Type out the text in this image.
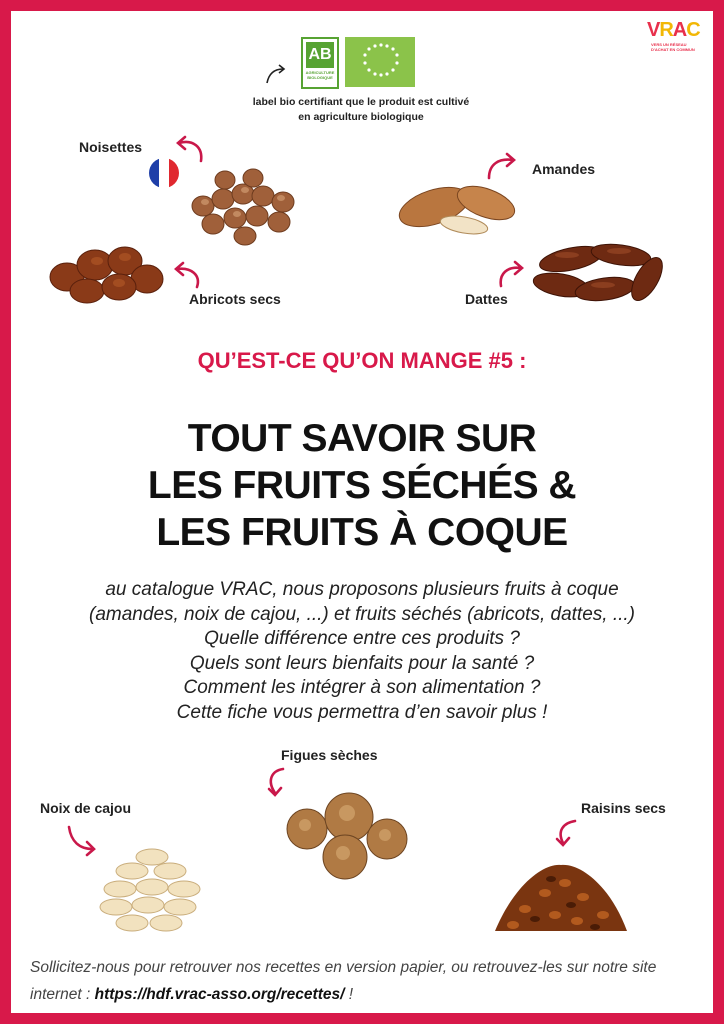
VRAC
VERS UN RÉSEAU D'ACHAT EN COMMUN
AB
AGRICULTURE BIOLOGIQUE
label bio certifiant que le produit est cultivé
en agriculture biologique
Noisettes
Amandes
Abricots secs	Dattes
QU’EST-CE QU’ON MANGE #5 :
TOUT SAVOIR SUR
LES FRUITS SÉCHÉS &
LES FRUITS À COQUE
au catalogue VRAC, nous proposons plusieurs fruits à coque
(amandes, noix de cajou, ...) et fruits séchés (abricots, dattes, ...)
Quelle différence entre ces produits ?
Quels sont leurs bienfaits pour la santé ?
Comment les intégrer à son alimentation ?
Cette fiche vous permettra d’en savoir plus !
Figues sèches
Noix de cajou	Raisins secs
Sollicitez-nous pour retrouver nos recettes en version papier, ou retrouvez-les sur notre site internet : https://hdf.vrac-asso.org/recettes/ !
